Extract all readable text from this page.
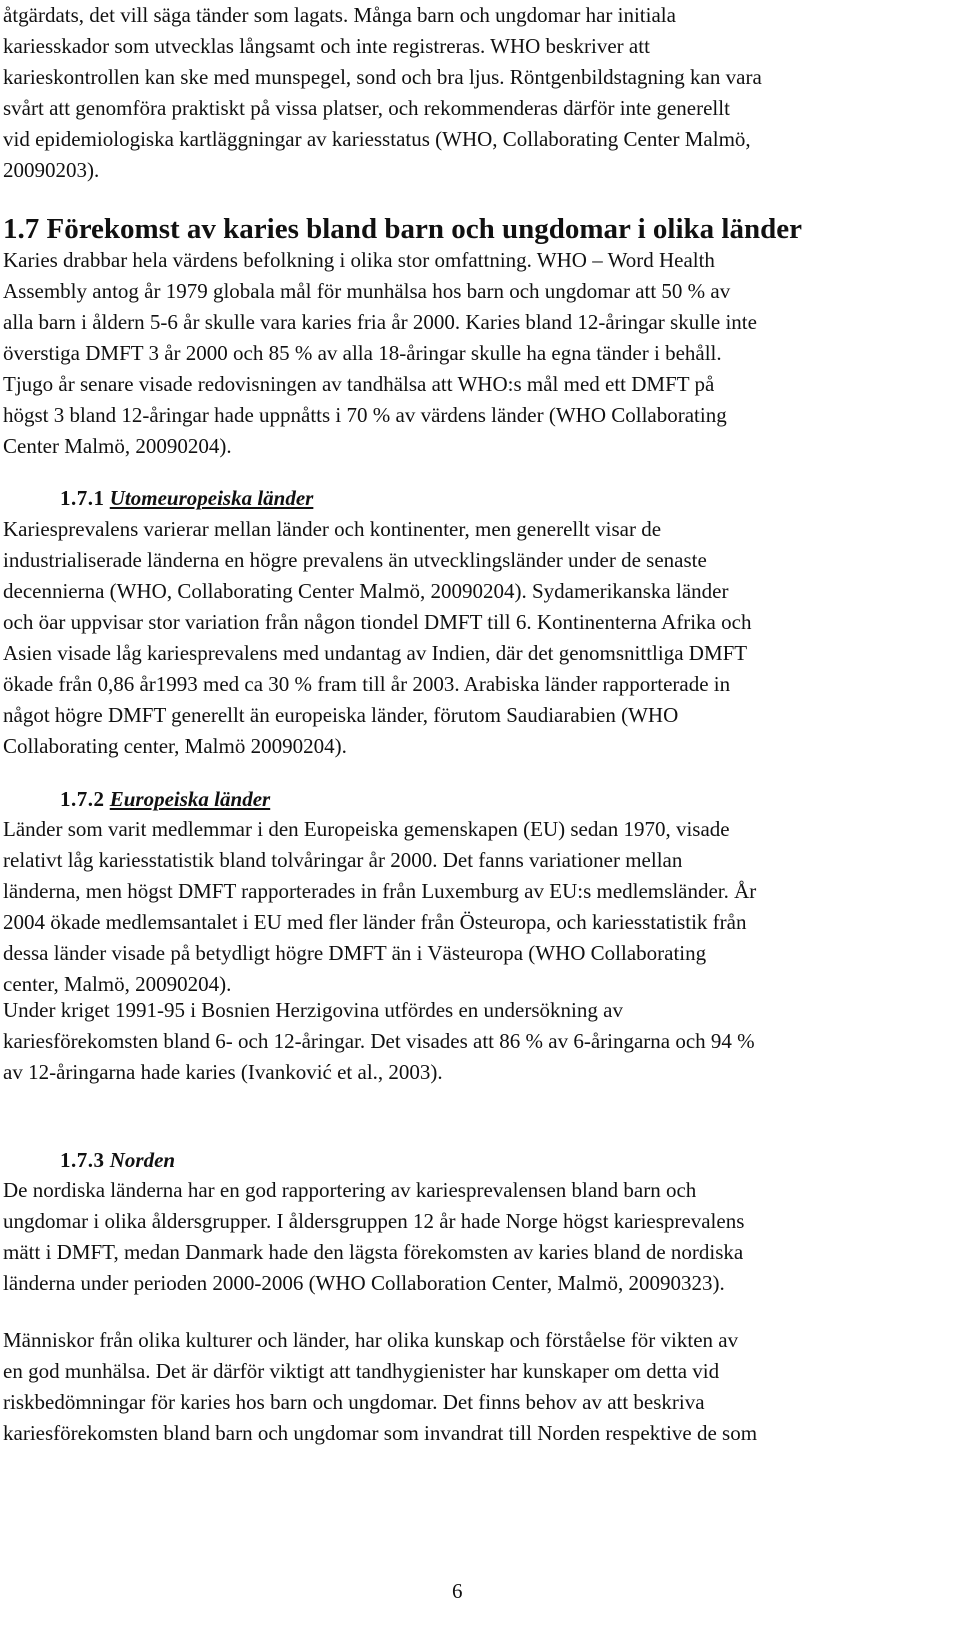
åtgärdats, det vill säga tänder som lagats. Många barn och ungdomar har initiala
kariesskador som utvecklas långsamt och inte registreras. WHO beskriver att
karieskontrollen kan ske med munspegel, sond och bra ljus. Röntgenbildstagning kan vara
svårt att genomföra praktiskt på vissa platser, och rekommenderas därför inte generellt
vid epidemiologiska kartläggningar av kariesstatus (WHO, Collaborating Center Malmö,
20090203).
1.7 Förekomst av karies bland barn och ungdomar i olika länder
Karies drabbar hela värdens befolkning i olika stor omfattning. WHO – Word Health
Assembly antog år 1979 globala mål för munhälsa hos barn och ungdomar att 50 % av
alla barn i åldern 5-6 år skulle vara karies fria år 2000. Karies bland 12-åringar skulle inte
överstiga DMFT 3 år 2000 och 85 % av alla 18-åringar skulle ha egna tänder i behåll.
Tjugo år senare visade redovisningen av tandhälsa att WHO:s mål med ett DMFT på
högst 3 bland 12-åringar hade uppnåtts i 70 % av värdens länder (WHO Collaborating
Center Malmö, 20090204).
1.7.1 Utomeuropeiska länder
Kariesprevalens varierar mellan länder och kontinenter, men generellt visar de
industrialiserade länderna en högre prevalens än utvecklingsländer under de senaste
decennierna (WHO, Collaborating Center Malmö, 20090204). Sydamerikanska länder
och öar uppvisar stor variation från någon tiondel DMFT till 6. Kontinenterna Afrika och
Asien visade låg kariesprevalens med undantag av Indien, där det genomsnittliga DMFT
ökade från 0,86 år1993 med ca 30 % fram till år 2003. Arabiska länder rapporterade in
något högre DMFT generellt än europeiska länder, förutom Saudiarabien (WHO
Collaborating center, Malmö 20090204).
1.7.2 Europeiska länder
Länder som varit medlemmar i den Europeiska gemenskapen (EU) sedan 1970, visade
relativt låg kariesstatistik bland tolvåringar år 2000. Det fanns variationer mellan
länderna, men högst DMFT rapporterades in från Luxemburg av EU:s medlemsländer. År
2004 ökade medlemsantalet i EU med fler länder från Östeuropa, och kariesstatistik från
dessa länder visade på betydligt högre DMFT än i Västeuropa (WHO Collaborating
center, Malmö, 20090204).
Under kriget 1991-95 i Bosnien Herzigovina utfördes en undersökning av
kariesförekomsten bland 6- och 12-åringar. Det visades att 86 % av 6-åringarna och 94 %
av 12-åringarna hade karies (Ivanković et al., 2003).
1.7.3 Norden
De nordiska länderna har en god rapportering av kariesprevalensen bland barn och
ungdomar i olika åldersgrupper. I åldersgruppen 12 år hade Norge högst kariesprevalens
mätt i DMFT, medan Danmark hade den lägsta förekomsten av karies bland de nordiska
länderna under perioden 2000-2006 (WHO Collaboration Center, Malmö, 20090323).
Människor från olika kulturer och länder, har olika kunskap och förståelse för vikten av
en god munhälsa. Det är därför viktigt att tandhygienister har kunskaper om detta vid
riskbedömningar för karies hos barn och ungdomar. Det finns behov av att beskriva
kariesförekomsten bland barn och ungdomar som invandrat till Norden respektive de som
6
